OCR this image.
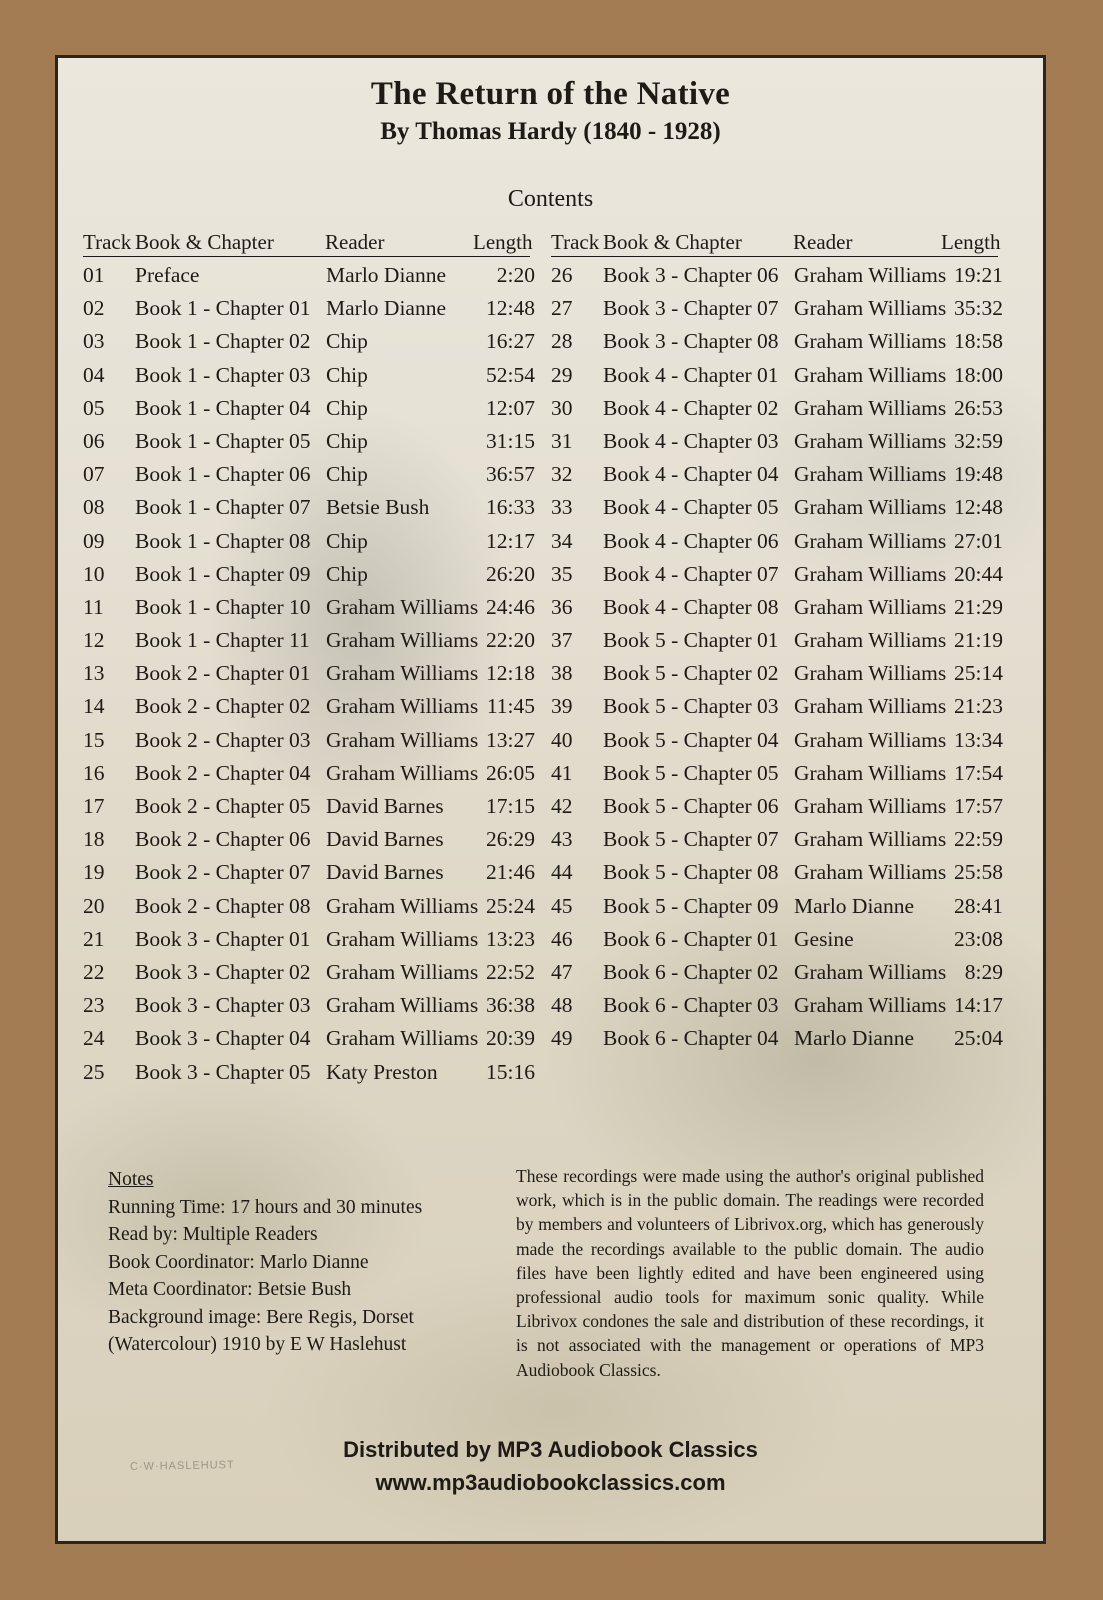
The Return of the Native
By Thomas Hardy (1840 - 1928)
Contents
Track Book & Chapter Reader	Length Track Book & Chapter Reader	Length
01 Preface	Marlo Dianne	2:20
02 Book 1 - Chapter 01 Marlo Dianne	12:48
03 Book 1 - Chapter 02 Chip	16:27
04 Book 1 - Chapter 03 Chip	52:54
05 Book 1 - Chapter 04 Chip	12:07
06 Book 1 - Chapter 05 Chip	31:15
07 Book 1 - Chapter 06 Chip	36:57
08 Book 1 - Chapter 07 Betsie Bush	16:33
09 Book 1 - Chapter 08 Chip	12:17
10 Book 1 - Chapter 09 Chip	26:20
11 Book 1 - Chapter 10 Graham Williams 24:46
12 Book 1 - Chapter 11 Graham Williams 22:20
13 Book 2 - Chapter 01 Graham Williams 12:18
14 Book 2 - Chapter 02 Graham Williams 11:45
15 Book 2 - Chapter 03 Graham Williams 13:27
16 Book 2 - Chapter 04 Graham Williams 26:05
17 Book 2 - Chapter 05 David Barnes	17:15
18 Book 2 - Chapter 06 David Barnes	26:29
19 Book 2 - Chapter 07 David Barnes	21:46
20 Book 2 - Chapter 08 Graham Williams 25:24
21 Book 3 - Chapter 01 Graham Williams 13:23
22 Book 3 - Chapter 02 Graham Williams 22:52
23 Book 3 - Chapter 03 Graham Williams 36:38
24 Book 3 - Chapter 04 Graham Williams 20:39
25 Book 3 - Chapter 05 Katy Preston	15:16
26 Book 3 - Chapter 06 Graham Williams 19:21
27 Book 3 - Chapter 07 Graham Williams 35:32
28 Book 3 - Chapter 08 Graham Williams 18:58
29 Book 4 - Chapter 01 Graham Williams 18:00
30 Book 4 - Chapter 02 Graham Williams 26:53
31 Book 4 - Chapter 03 Graham Williams 32:59
32 Book 4 - Chapter 04 Graham Williams 19:48
33 Book 4 - Chapter 05 Graham Williams 12:48
34 Book 4 - Chapter 06 Graham Williams 27:01
35 Book 4 - Chapter 07 Graham Williams 20:44
36 Book 4 - Chapter 08 Graham Williams 21:29
37 Book 5 - Chapter 01 Graham Williams 21:19
38 Book 5 - Chapter 02 Graham Williams 25:14
39 Book 5 - Chapter 03 Graham Williams 21:23
40 Book 5 - Chapter 04 Graham Williams 13:34
41 Book 5 - Chapter 05 Graham Williams 17:54
42 Book 5 - Chapter 06 Graham Williams 17:57
43 Book 5 - Chapter 07 Graham Williams 22:59
44 Book 5 - Chapter 08 Graham Williams 25:58
45 Book 5 - Chapter 09 Marlo Dianne	28:41
46 Book 6 - Chapter 01 Gesine	23:08
47 Book 6 - Chapter 02 Graham Williams 8:29
48 Book 6 - Chapter 03 Graham Williams 14:17
49 Book 6 - Chapter 04 Marlo Dianne	25:04
Notes
Running Time: 17 hours and 30 minutes
Read by: Multiple Readers
Book Coordinator: Marlo Dianne
Meta Coordinator: Betsie Bush
Background image: Bere Regis, Dorset
(Watercolour) 1910 by E W Haslehust
These recordings were made using the author's original published work, which is in the public domain. The readings were recorded by members and volunteers of Librivox.org, which has generously made the recordings available to the public domain. The audio files have been lightly edited and have been engineered using professional audio tools for maximum sonic quality. While Librivox condones the sale and distribution of these recordings, it is not associated with the management or operations of MP3 Audiobook Classics.
C·W·HASLEHUST
Distributed by MP3 Audiobook Classics
www.mp3audiobookclassics.com
